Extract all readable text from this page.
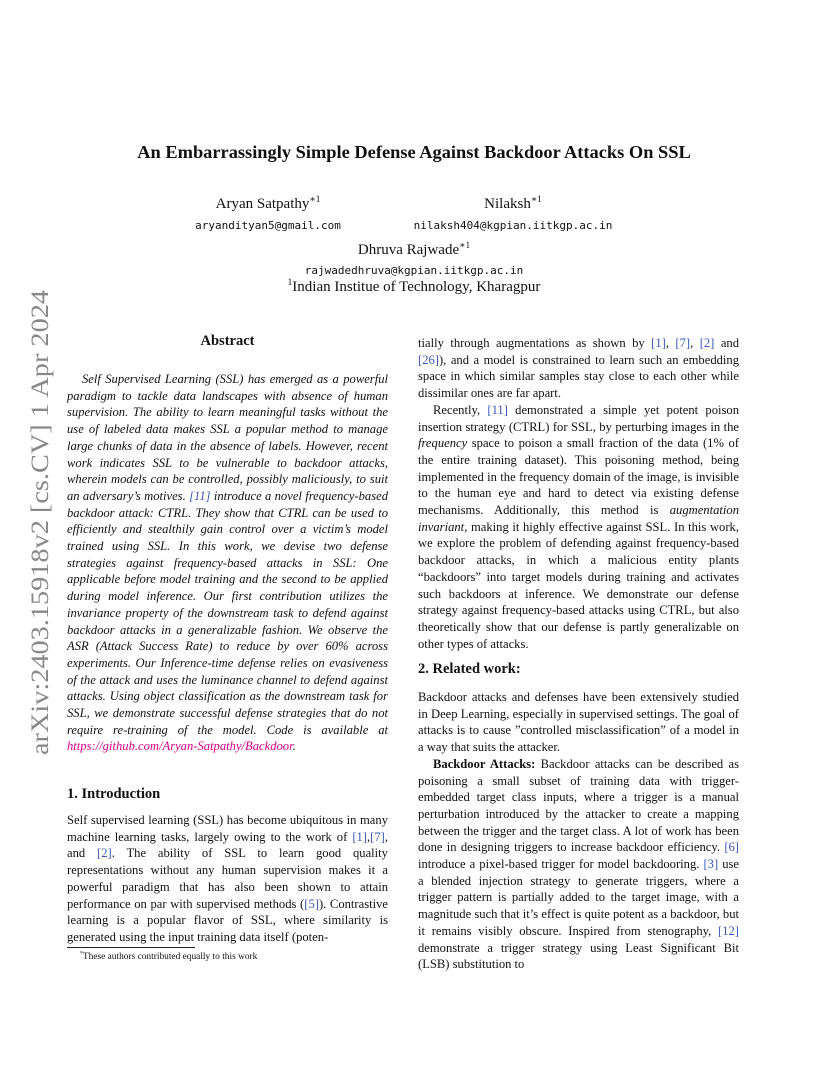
An Embarrassingly Simple Defense Against Backdoor Attacks On SSL
Aryan Satpathy$^{∗1}$
aryandityan5@gmail.com
Nilaksh$^{∗1}$
nilaksh404@kgpian.iitkgp.ac.in
Dhruva Rajwade$^{∗1}$
rajwadedhruva@kgpian.iitkgp.ac.in
$^1$Indian Institue of Technology, Kharagpur
arXiv:2403.15918v2 [cs.CV] 1 Apr 2024
Abstract
Self Supervised Learning (SSL) has emerged as a powerful paradigm to tackle data landscapes with absence of human supervision. The ability to learn meaningful tasks without the use of labeled data makes SSL a popular method to manage large chunks of data in the absence of labels. However, recent work indicates SSL to be vulnerable to backdoor attacks, wherein models can be controlled, possibly maliciously, to suit an adversary’s motives. [11] introduce a novel frequency-based backdoor attack: CTRL. They show that CTRL can be used to efficiently and stealthily gain control over a victim’s model trained using SSL. In this work, we devise two defense strategies against frequency-based attacks in SSL: One applicable before model training and the second to be applied during model inference. Our first contribution utilizes the invariance property of the downstream task to defend against backdoor attacks in a generalizable fashion. We observe the ASR (Attack Success Rate) to reduce by over 60% across experiments. Our Inference-time defense relies on evasiveness of the attack and uses the luminance channel to defend against attacks. Using object classification as the downstream task for SSL, we demonstrate successful defense strategies that do not require re-training of the model. Code is available at https://github.com/Aryan-Satpathy/Backdoor.
1. Introduction

Self supervised learning (SSL) has become ubiquitous in many machine learning tasks, largely owing to the work of [1],[7], and [2]. The ability of SSL to learn good quality representations without any human supervision makes it a powerful paradigm that has also been shown to attain performance on par with supervised methods ([5]). Contrastive learning is a popular flavor of SSL, where similarity is generated using the input training data itself (poten-

*These authors contributed equally to this work

tially through augmentations as shown by [1], [7], [2] and [26]), and a model is constrained to learn such an embedding space in which similar samples stay close to each other while dissimilar ones are far apart.

Recently, [11] demonstrated a simple yet potent poison insertion strategy (CTRL) for SSL, by perturbing images in the frequency space to poison a small fraction of the data (1% of the entire training dataset). This poisoning method, being implemented in the frequency domain of the image, is invisible to the human eye and hard to detect via existing defense mechanisms. Additionally, this method is augmentation invariant, making it highly effective against SSL. In this work, we explore the problem of defending against frequency-based backdoor attacks, in which a malicious entity plants “backdoors” into target models during training and activates such backdoors at inference. We demonstrate our defense strategy against frequency-based attacks using CTRL, but also theoretically show that our defense is partly generalizable on other types of attacks.

2. Related work:

Backdoor attacks and defenses have been extensively studied in Deep Learning, especially in supervised settings. The goal of attacks is to cause ”controlled misclassification” of a model in a way that suits the attacker.

Backdoor Attacks: Backdoor attacks can be described as poisoning a small subset of training data with trigger-embedded target class inputs, where a trigger is a manual perturbation introduced by the attacker to create a mapping between the trigger and the target class. A lot of work has been done in designing triggers to increase backdoor efficiency. [6] introduce a pixel-based trigger for model backdooring. [3] use a blended injection strategy to generate triggers, where a trigger pattern is partially added to the target image, with a magnitude such that it’s effect is quite potent as a backdoor, but it remains visibly obscure. Inspired from stenography, [12] demonstrate a trigger strategy using Least Significant Bit (LSB) substitution to
